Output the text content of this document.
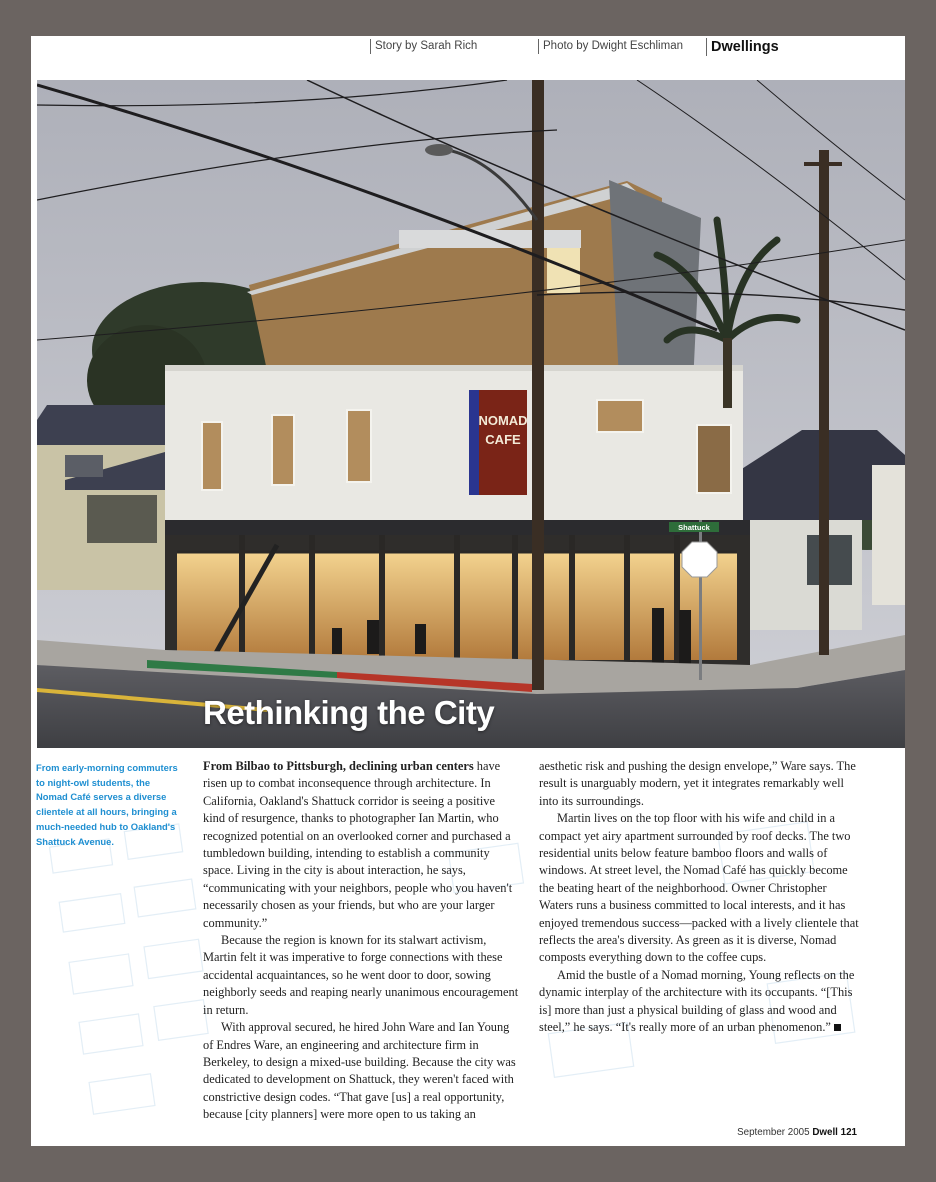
Story by Sarah Rich	Photo by Dwight Eschliman	Dwellings
NOMAD
CAFE
Shattuck
Rethinking the City

From early-morning commuters to night-owl students, the Nomad Café serves a diverse clientele at all hours, bringing a much-needed hub to Oakland's Shattuck Avenue.

From Bilbao to Pittsburgh, declining urban centers have risen up to combat inconsequence through architecture. In California, Oakland's Shattuck corridor is seeing a positive kind of resurgence, thanks to photographer Ian Martin, who recognized potential on an overlooked corner and purchased a tumbledown building, intending to establish a community space. Living in the city is about interaction, he says, “communicating with your neighbors, people who you haven't necessarily chosen as your friends, but who are your larger community.”

Because the region is known for its stalwart activism, Martin felt it was imperative to forge connections with these accidental acquaintances, so he went door to door, sowing neighborly seeds and reaping nearly unanimous encouragement in return.

With approval secured, he hired John Ware and Ian Young of Endres Ware, an engineering and architecture firm in Berkeley, to design a mixed-use building. Because the city was dedicated to development on Shattuck, they weren't faced with constrictive design codes. “That gave [us] a real opportunity, because [city planners] were more open to us taking an

aesthetic risk and pushing the design envelope,” Ware says. The result is unarguably modern, yet it integrates remarkably well into its surroundings.

Martin lives on the top floor with his wife and child in a compact yet airy apartment surrounded by roof decks. The two residential units below feature bamboo floors and walls of windows. At street level, the Nomad Café has quickly become the beating heart of the neighborhood. Owner Christopher Waters runs a business committed to local interests, and it has enjoyed tremendous success—packed with a lively clientele that reflects the area's diversity. As green as it is diverse, Nomad composts everything down to the coffee cups.

Amid the bustle of a Nomad morning, Young reflects on the dynamic interplay of the architecture with its occupants. “[This is] more than just a physical building of glass and wood and steel,” he says. “It's really more of an urban phenomenon.”

September 2005 Dwell 121
